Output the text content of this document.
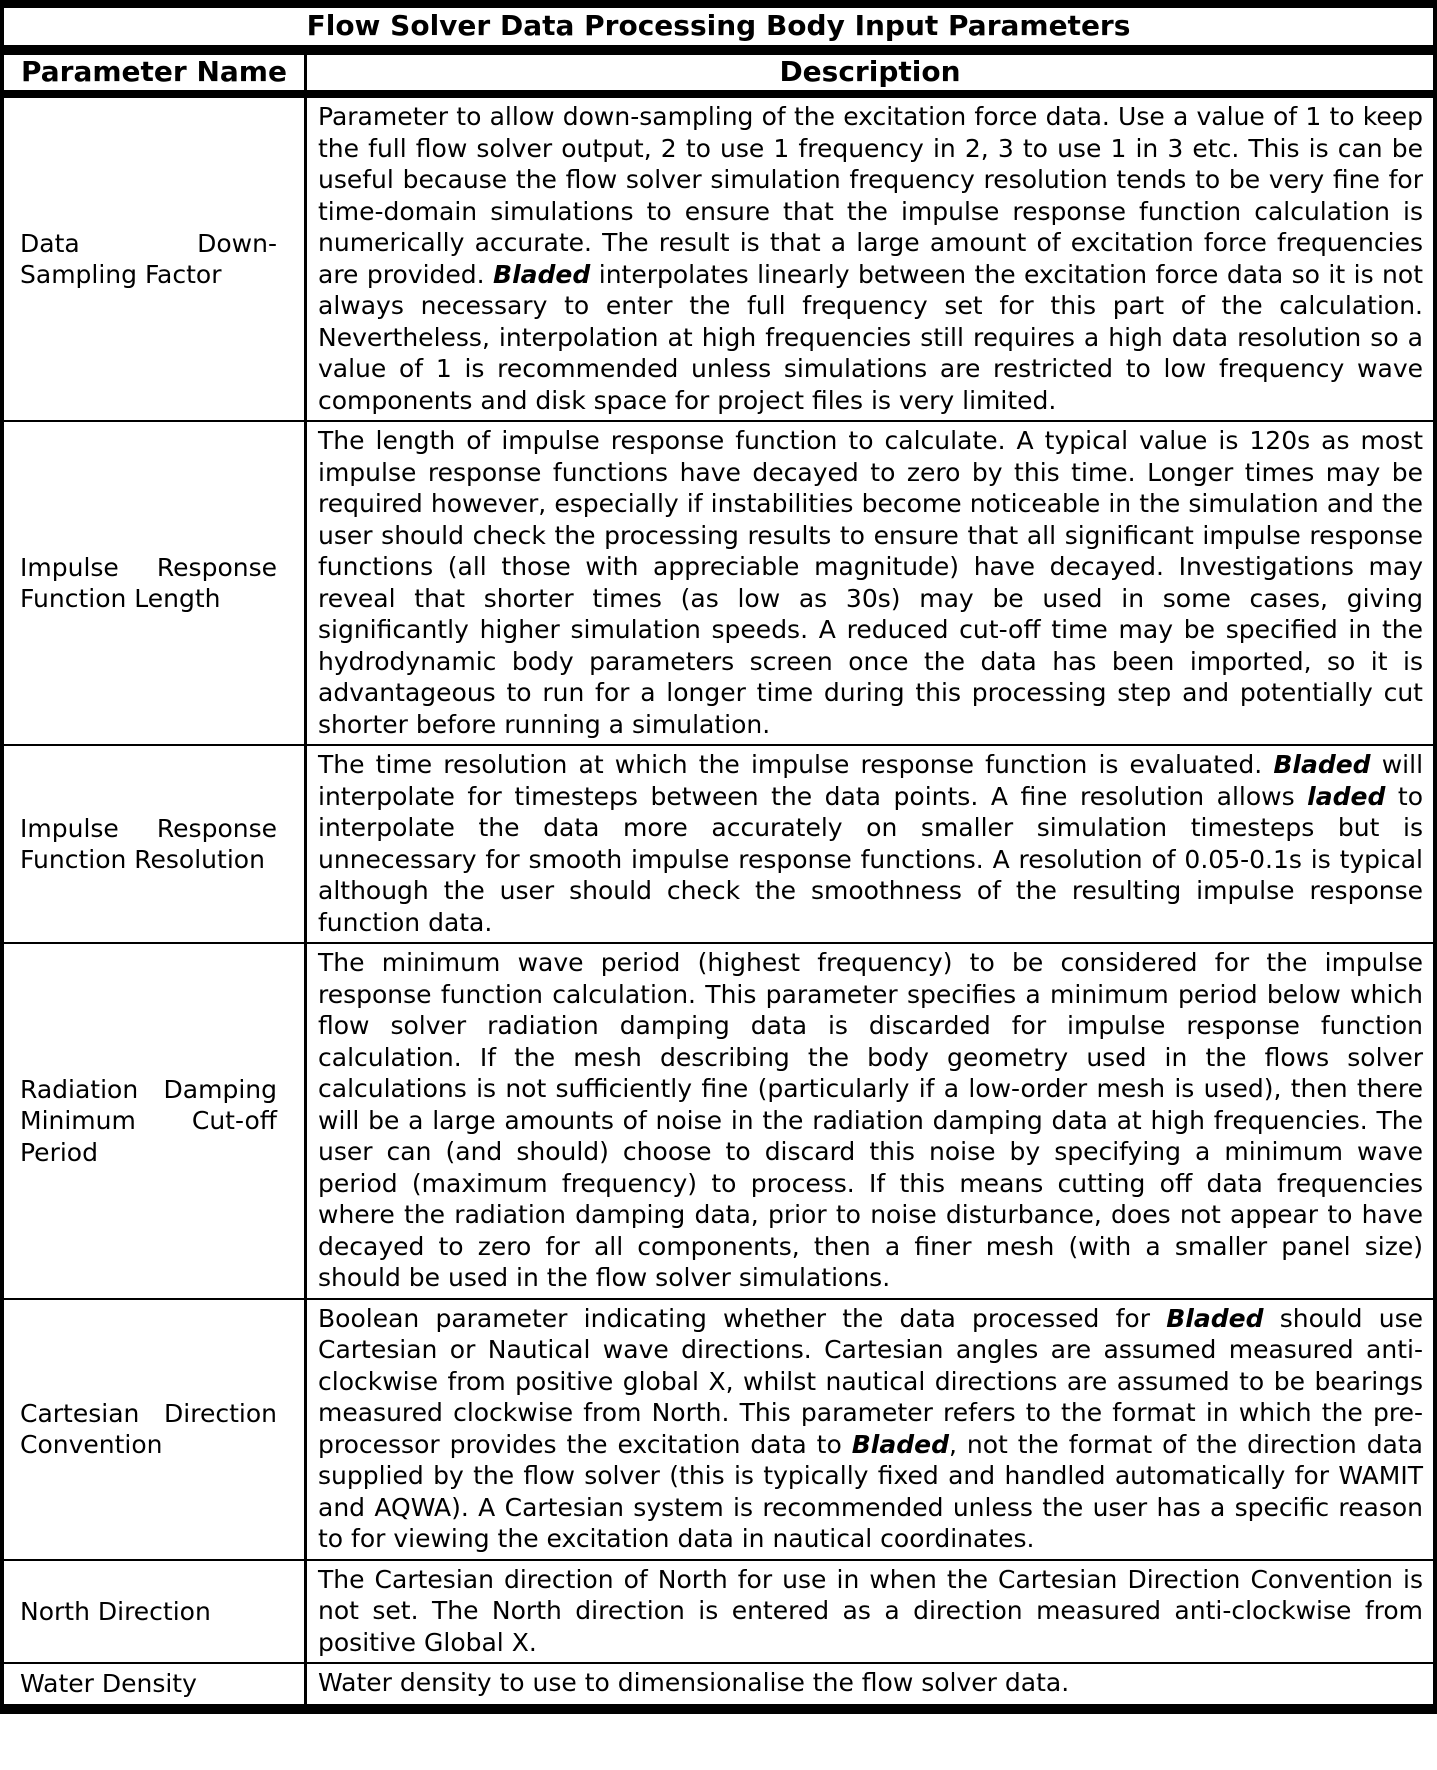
Flow Solver Data Processing Body Input Parameters
Parameter Name	Description
Data Down-Sampling Factor
Parameter to allow down-sampling of the excitation force data. Use a value of 1 to keep the full flow solver output, 2 to use 1 frequency in 2, 3 to use 1 in 3 etc. This is can be useful because the flow solver simulation frequency resolution tends to be very fine for time-domain simulations to ensure that the impulse response function calculation is numerically accurate. The result is that a large amount of excitation force frequencies are provided. Bladed interpolates linearly between the excitation force data so it is not always necessary to enter the full frequency set for this part of the calculation. Nevertheless, interpolation at high frequencies still requires a high data resolution so a value of 1 is recommended unless simulations are restricted to low frequency wave components and disk space for project files is very limited.
Impulse Response Function Length
The length of impulse response function to calculate. A typical value is 120s as most impulse response functions have decayed to zero by this time. Longer times may be required however, especially if instabilities become noticeable in the simulation and the user should check the processing results to ensure that all significant impulse response functions (all those with appreciable magnitude) have decayed. Investigations may reveal that shorter times (as low as 30s) may be used in some cases, giving significantly higher simulation speeds. A reduced cut-off time may be specified in the hydrodynamic body parameters screen once the data has been imported, so it is advantageous to run for a longer time during this processing step and potentially cut shorter before running a simulation.
Impulse Response Function Resolution
The time resolution at which the impulse response function is evaluated. Bladed will interpolate for timesteps between the data points. A fine resolution allows laded to interpolate the data more accurately on smaller simulation timesteps but is unnecessary for smooth impulse response functions. A resolution of 0.05-0.1s is typical although the user should check the smoothness of the resulting impulse response function data.
Radiation Damping Minimum Cut-off Period
The minimum wave period (highest frequency) to be considered for the impulse response function calculation. This parameter specifies a minimum period below which flow solver radiation damping data is discarded for impulse response function calculation. If the mesh describing the body geometry used in the flows solver calculations is not sufficiently fine (particularly if a low-order mesh is used), then there will be a large amounts of noise in the radiation damping data at high frequencies. The user can (and should) choose to discard this noise by specifying a minimum wave period (maximum frequency) to process. If this means cutting off data frequencies where the radiation damping data, prior to noise disturbance, does not appear to have decayed to zero for all components, then a finer mesh (with a smaller panel size) should be used in the flow solver simulations.
Cartesian Direction Convention
Boolean parameter indicating whether the data processed for Bladed should use Cartesian or Nautical wave directions. Cartesian angles are assumed measured anti-clockwise from positive global X, whilst nautical directions are assumed to be bearings measured clockwise from North. This parameter refers to the format in which the pre-processor provides the excitation data to Bladed, not the format of the direction data supplied by the flow solver (this is typically fixed and handled automatically for WAMIT and AQWA). A Cartesian system is recommended unless the user has a specific reason to for viewing the excitation data in nautical coordinates.
North Direction
The Cartesian direction of North for use in when the Cartesian Direction Convention is not set. The North direction is entered as a direction measured anti-clockwise from positive Global X.
Water Density	Water density to use to dimensionalise the flow solver data.
